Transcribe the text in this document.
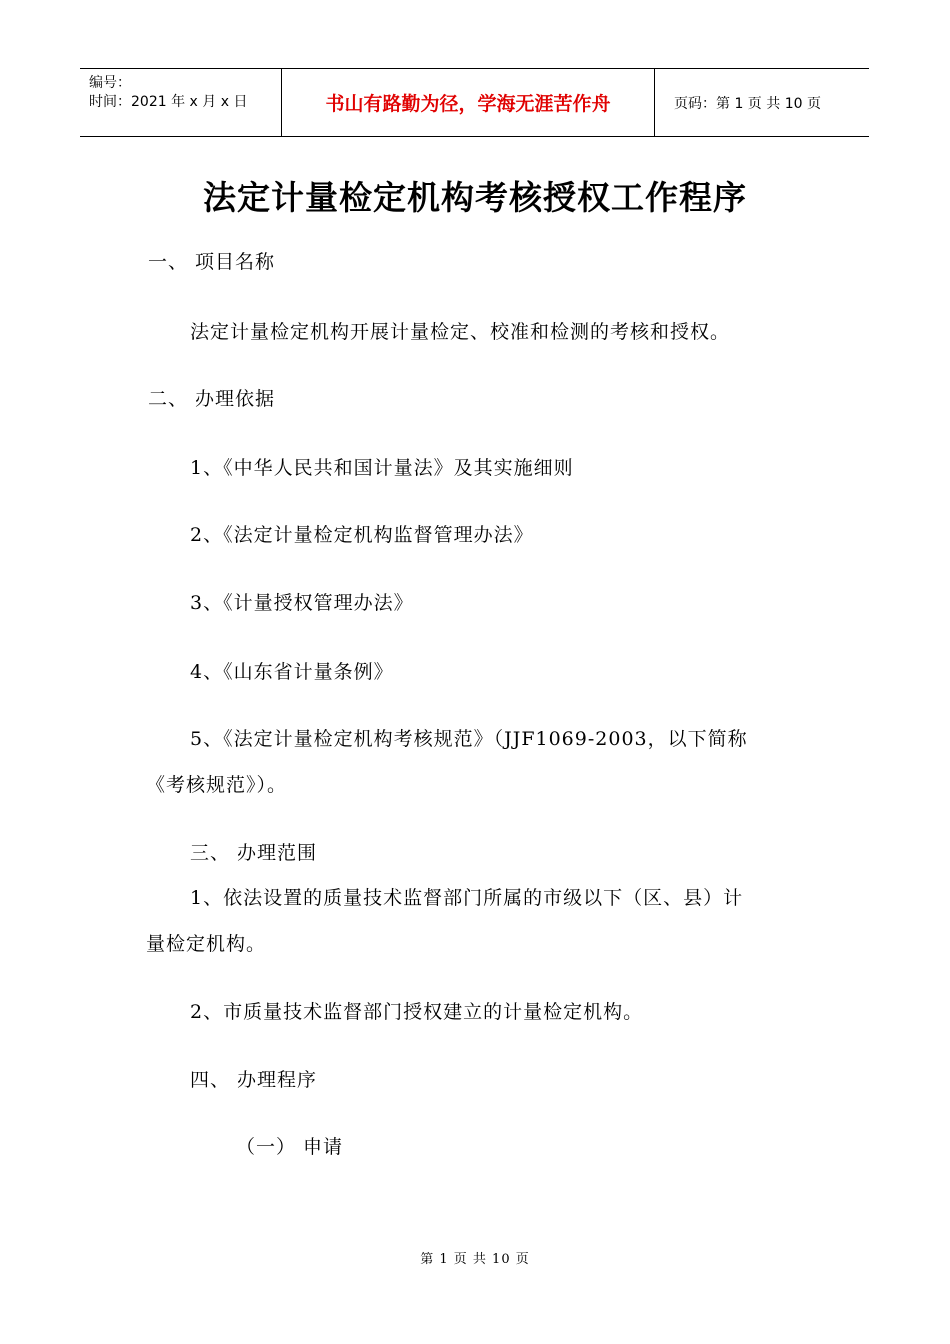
编号：
时间：2021 年 x 月 x 日	书山有路勤为径，学海无涯苦作舟	页码：第 1 页 共 10 页
法定计量检定机构考核授权工作程序
一、 项目名称
法定计量检定机构开展计量检定、校准和检测的考核和授权。
二、 办理依据
1、《中华人民共和国计量法》及其实施细则
2、《法定计量检定机构监督管理办法》
3、《计量授权管理办法》
4、《山东省计量条例》
5、《法定计量检定机构考核规范》（JJF1069-2003，以下简称
《考核规范》）。
三、 办理范围
1、依法设置的质量技术监督部门所属的市级以下（区、县）计
量检定机构。
2、市质量技术监督部门授权建立的计量检定机构。
四、 办理程序
（一） 申请
第 1 页 共 10 页
